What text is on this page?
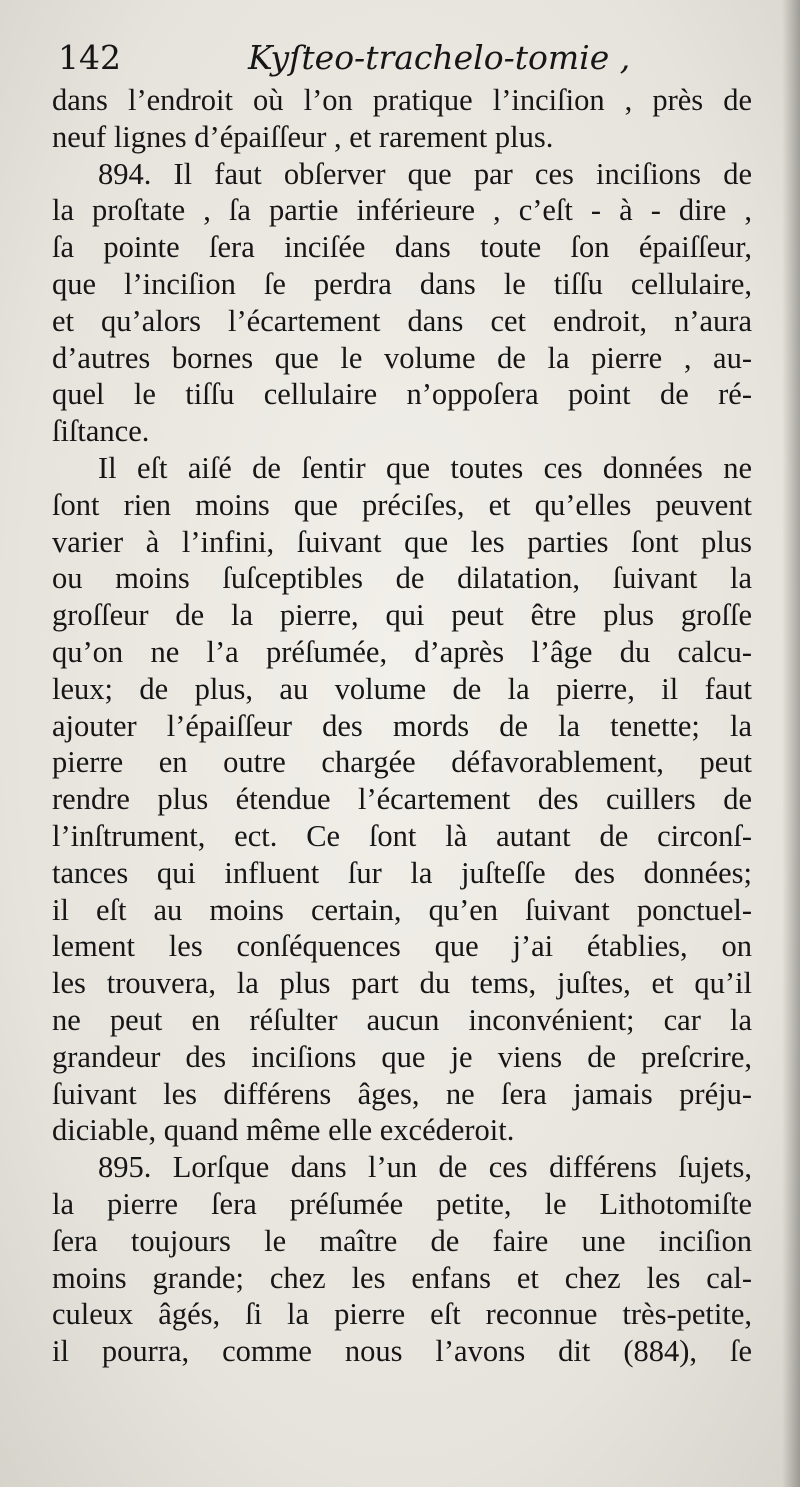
142	Kyſteo-trachelo-tomie ,
dans l’endroit où l’on pratique l’inciſion , près de
neuf lignes d’épaiſſeur , et rarement plus.
894. Il faut obſerver que par ces inciſions de
la proſtate , ſa partie inférieure , c’eſt - à - dire ,
ſa pointe ſera inciſée dans toute ſon épaiſſeur,
que l’inciſion ſe perdra dans le tiſſu cellulaire,
et qu’alors l’écartement dans cet endroit, n’aura
d’autres bornes que le volume de la pierre , au-
quel le tiſſu cellulaire n’oppoſera point de ré-
ſiſtance.
Il eſt aiſé de ſentir que toutes ces données ne
ſont rien moins que préciſes, et qu’elles peuvent
varier à l’infini, ſuivant que les parties ſont plus
ou moins ſuſceptibles de dilatation, ſuivant la
groſſeur de la pierre, qui peut être plus groſſe
qu’on ne l’a préſumée, d’après l’âge du calcu-
leux; de plus, au volume de la pierre, il faut
ajouter l’épaiſſeur des mords de la tenette; la
pierre en outre chargée défavorablement, peut
rendre plus étendue l’écartement des cuillers de
l’inſtrument, ect. Ce ſont là autant de circonſ-
tances qui influent ſur la juſteſſe des données;
il eſt au moins certain, qu’en ſuivant ponctuel-
lement les conſéquences que j’ai établies, on
les trouvera, la plus part du tems, juſtes, et qu’il
ne peut en réſulter aucun inconvénient; car la
grandeur des inciſions que je viens de preſcrire,
ſuivant les différens âges, ne ſera jamais préju-
diciable, quand même elle excéderoit.
895. Lorſque dans l’un de ces différens ſujets,
la pierre ſera préſumée petite, le Lithotomiſte
ſera toujours le maître de faire une inciſion
moins grande; chez les enfans et chez les cal-
culeux âgés, ſi la pierre eſt reconnue très-petite,
il pourra, comme nous l’avons dit (884), ſe
